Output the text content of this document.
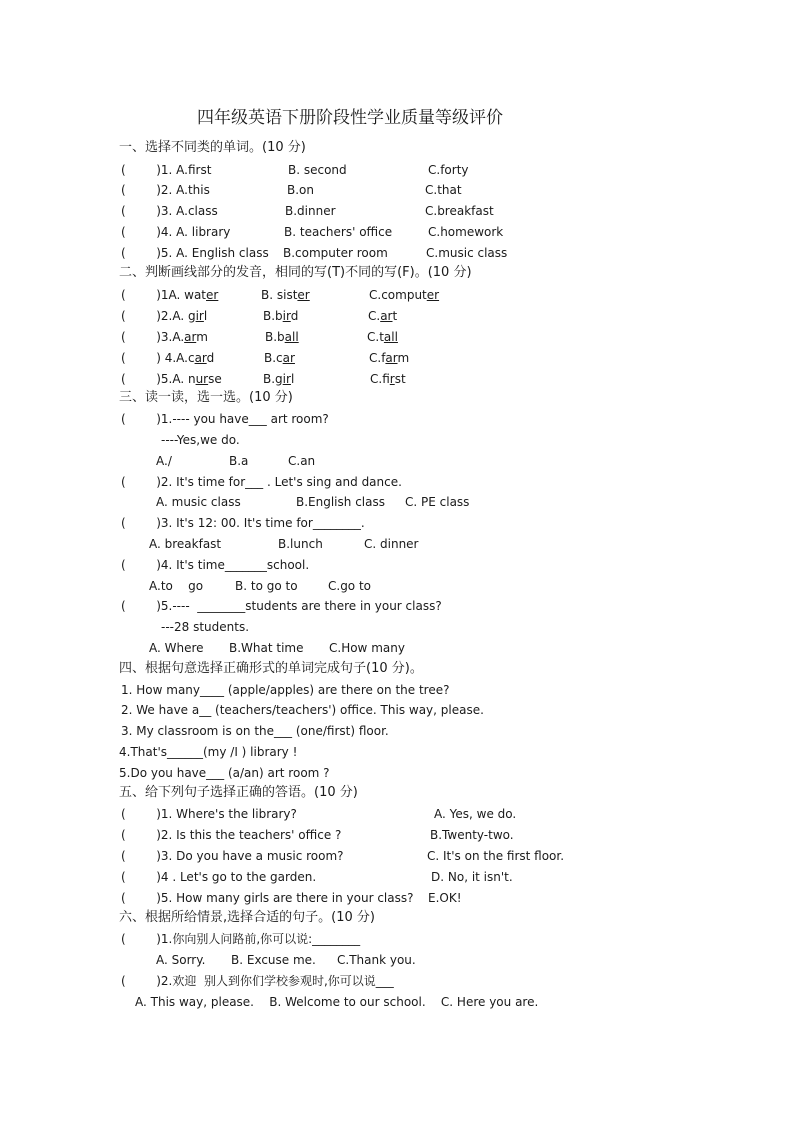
四年级英语下册阶段性学业质量等级评价
一、选择不同类的单词。(10 分)
(        )1. A.first	B. second	C.forty
(        )2. A.this	B.on	C.that
(        )3. A.class	B.dinner	C.breakfast
(        )4. A. library	B. teachers' office	C.homework
(        )5. A. English class B.computer room	C.music class
二、判断画线部分的发音，相同的写(T)不同的写(F)。(10 分)
(        )1A. water	B. sister	C.computer
(        )2.A. girl	B.bird	C.art
(        )3.A.arm	B.ball	C.tall
(        ) 4.A.card	B.car	C.farm
(        )5.A. nurse	B.girl	C.first
三、读一读，选一选。(10 分)
(        )1.---- you have___ art room?
----Yes,we do.
A./	B.a	C.an
(        )2. It's time for___ . Let's sing and dance.
A. music class	B.English class C. PE class
(        )3. It's 12: 00. It's time for________.
A. breakfast	B.lunch	C. dinner
(        )4. It's time_______school.
A.to    go	B. to go to	C.go to
(        )5.----  ________students are there in your class?
---28 students.
A. Where B.What time C.How many
四、根据句意选择正确形式的单词完成句子(10 分)。
1. How many____ (apple/apples) are there on the tree?
2. We have a__ (teachers/teachers') office. This way, please.
3. My classroom is on the___ (one/first) floor.
4.That's______(my /I ) library !
5.Do you have___ (a/an) art room ?
五、给下列句子选择正确的答语。(10 分)
(        )1. Where's the library?	A. Yes, we do.
(        )2. Is this the teachers' office ?	B.Twenty-two.
(        )3. Do you have a music room?	C. It's on the first floor.
(        )4 . Let's go to the garden.	D. No, it isn't.
(        )5. How many girls are there in your class? E.OK!
六、根据所给情景,选择合适的句子。(10 分)
(        )1.你向别人问路前,你可以说:________
A. Sorry. B. Excuse me. C.Thank you.
(        )2.欢迎  别人到你们学校参观时,你可以说___
A. This way, please.    B. Welcome to our school.    C. Here you are.
